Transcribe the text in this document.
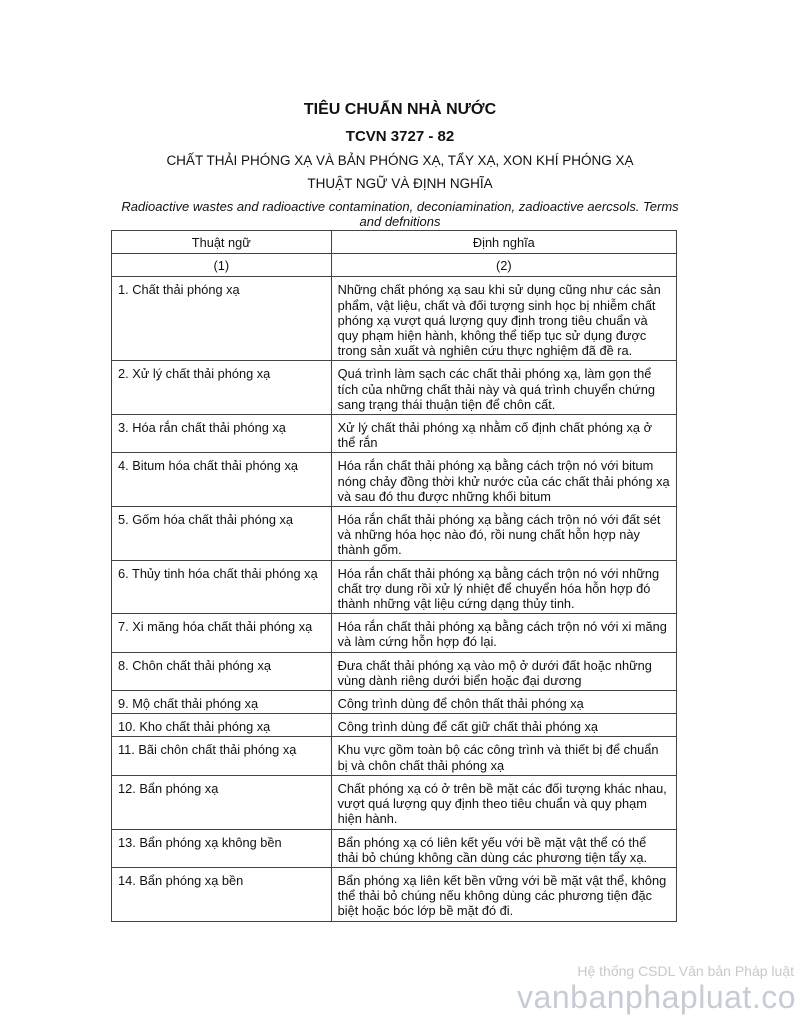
TIÊU CHUẨN NHÀ NƯỚC
TCVN 3727 - 82
CHẤT THẢI PHÓNG XẠ VÀ BẢN PHÓNG XẠ, TẨY XẠ, XON KHÍ PHÓNG XẠ
THUẬT NGỮ VÀ ĐỊNH NGHĨA
Radioactive wastes and radioactive contamination, deconiamination, zadioactive aercsols. Terms and defnitions
Thuật ngữ	Định nghĩa
(1)	(2)
1. Chất thải phóng xạ	Những chất phóng xạ sau khi sử dụng cũng như các sản phẩm, vật liệu, chất và đối tượng sinh học bị nhiễm chất phóng xạ vượt quá lượng quy định trong tiêu chuẩn và quy phạm hiện hành, không thể tiếp tục sử dụng được trong sản xuất và nghiên cứu thực nghiệm đã đề ra.
2. Xử lý chất thải phóng xạ	Quá trình làm sạch các chất thải phóng xạ, làm gọn thể tích của những chất thải này và quá trình chuyển chứng sang trạng thái thuận tiện để chôn cất.
3. Hóa rắn chất thải phóng xạ	Xử lý chất thải phóng xạ nhằm cố định chất phóng xạ ở thể rắn
4. Bitum hóa chất thải phóng xạ	Hóa rắn chất thải phóng xạ bằng cách trộn nó với bitum nóng chảy đồng thời khử nước của các chất thải phóng xạ và sau đó thu được những khối bitum
5. Gốm hóa chất thải phóng xạ	Hóa rắn chất thải phóng xạ bằng cách trộn nó với đất sét và những hóa học nào đó, rồi nung chất hỗn hợp này thành gốm.
6. Thủy tinh hóa chất thải phóng xạ	Hóa rắn chất thải phóng xạ bằng cách trộn nó với những chất trợ dung rồi xử lý nhiệt để chuyển hóa hỗn hợp đó thành những vật liệu cứng dạng thủy tinh.
7. Xi măng hóa chất thải phóng xạ	Hóa rắn chất thải phóng xạ bằng cách trộn nó với xi măng và làm cứng hỗn hợp đó lại.
8. Chôn chất thải phóng xạ	Đưa chất thải phóng xạ vào mộ ở dưới đất hoặc những vùng dành riêng dưới biển hoặc đại dương
9. Mộ chất thải phóng xạ	Công trình dùng để chôn thất thải phóng xạ
10. Kho chất thải phóng xạ	Công trình dùng để cất giữ chất thải phóng xạ
11. Bãi chôn chất thải phóng xạ	Khu vực gồm toàn bộ các công trình và thiết bị để chuẩn bị và chôn chất thải phóng xạ
12. Bẩn phóng xạ	Chất phóng xạ có ở trên bề mặt các đối tượng khác nhau, vượt quá lượng quy định theo tiêu chuẩn và quy phạm hiện hành.
13. Bẩn phóng xạ không bền	Bẩn phóng xạ có liên kết yếu với bề mặt vật thể có thể thải bỏ chúng không cần dùng các phương tiện tẩy xạ.
14. Bẩn phóng xạ bền	Bẩn phóng xạ liên kết bền vững với bề mặt vật thể, không thể thải bỏ chúng nếu không dùng các phương tiện đặc biệt hoặc bóc lớp bề mặt đó đi.
Hệ thống CSDL Văn bản Pháp luật
vanbanphapluat.co
